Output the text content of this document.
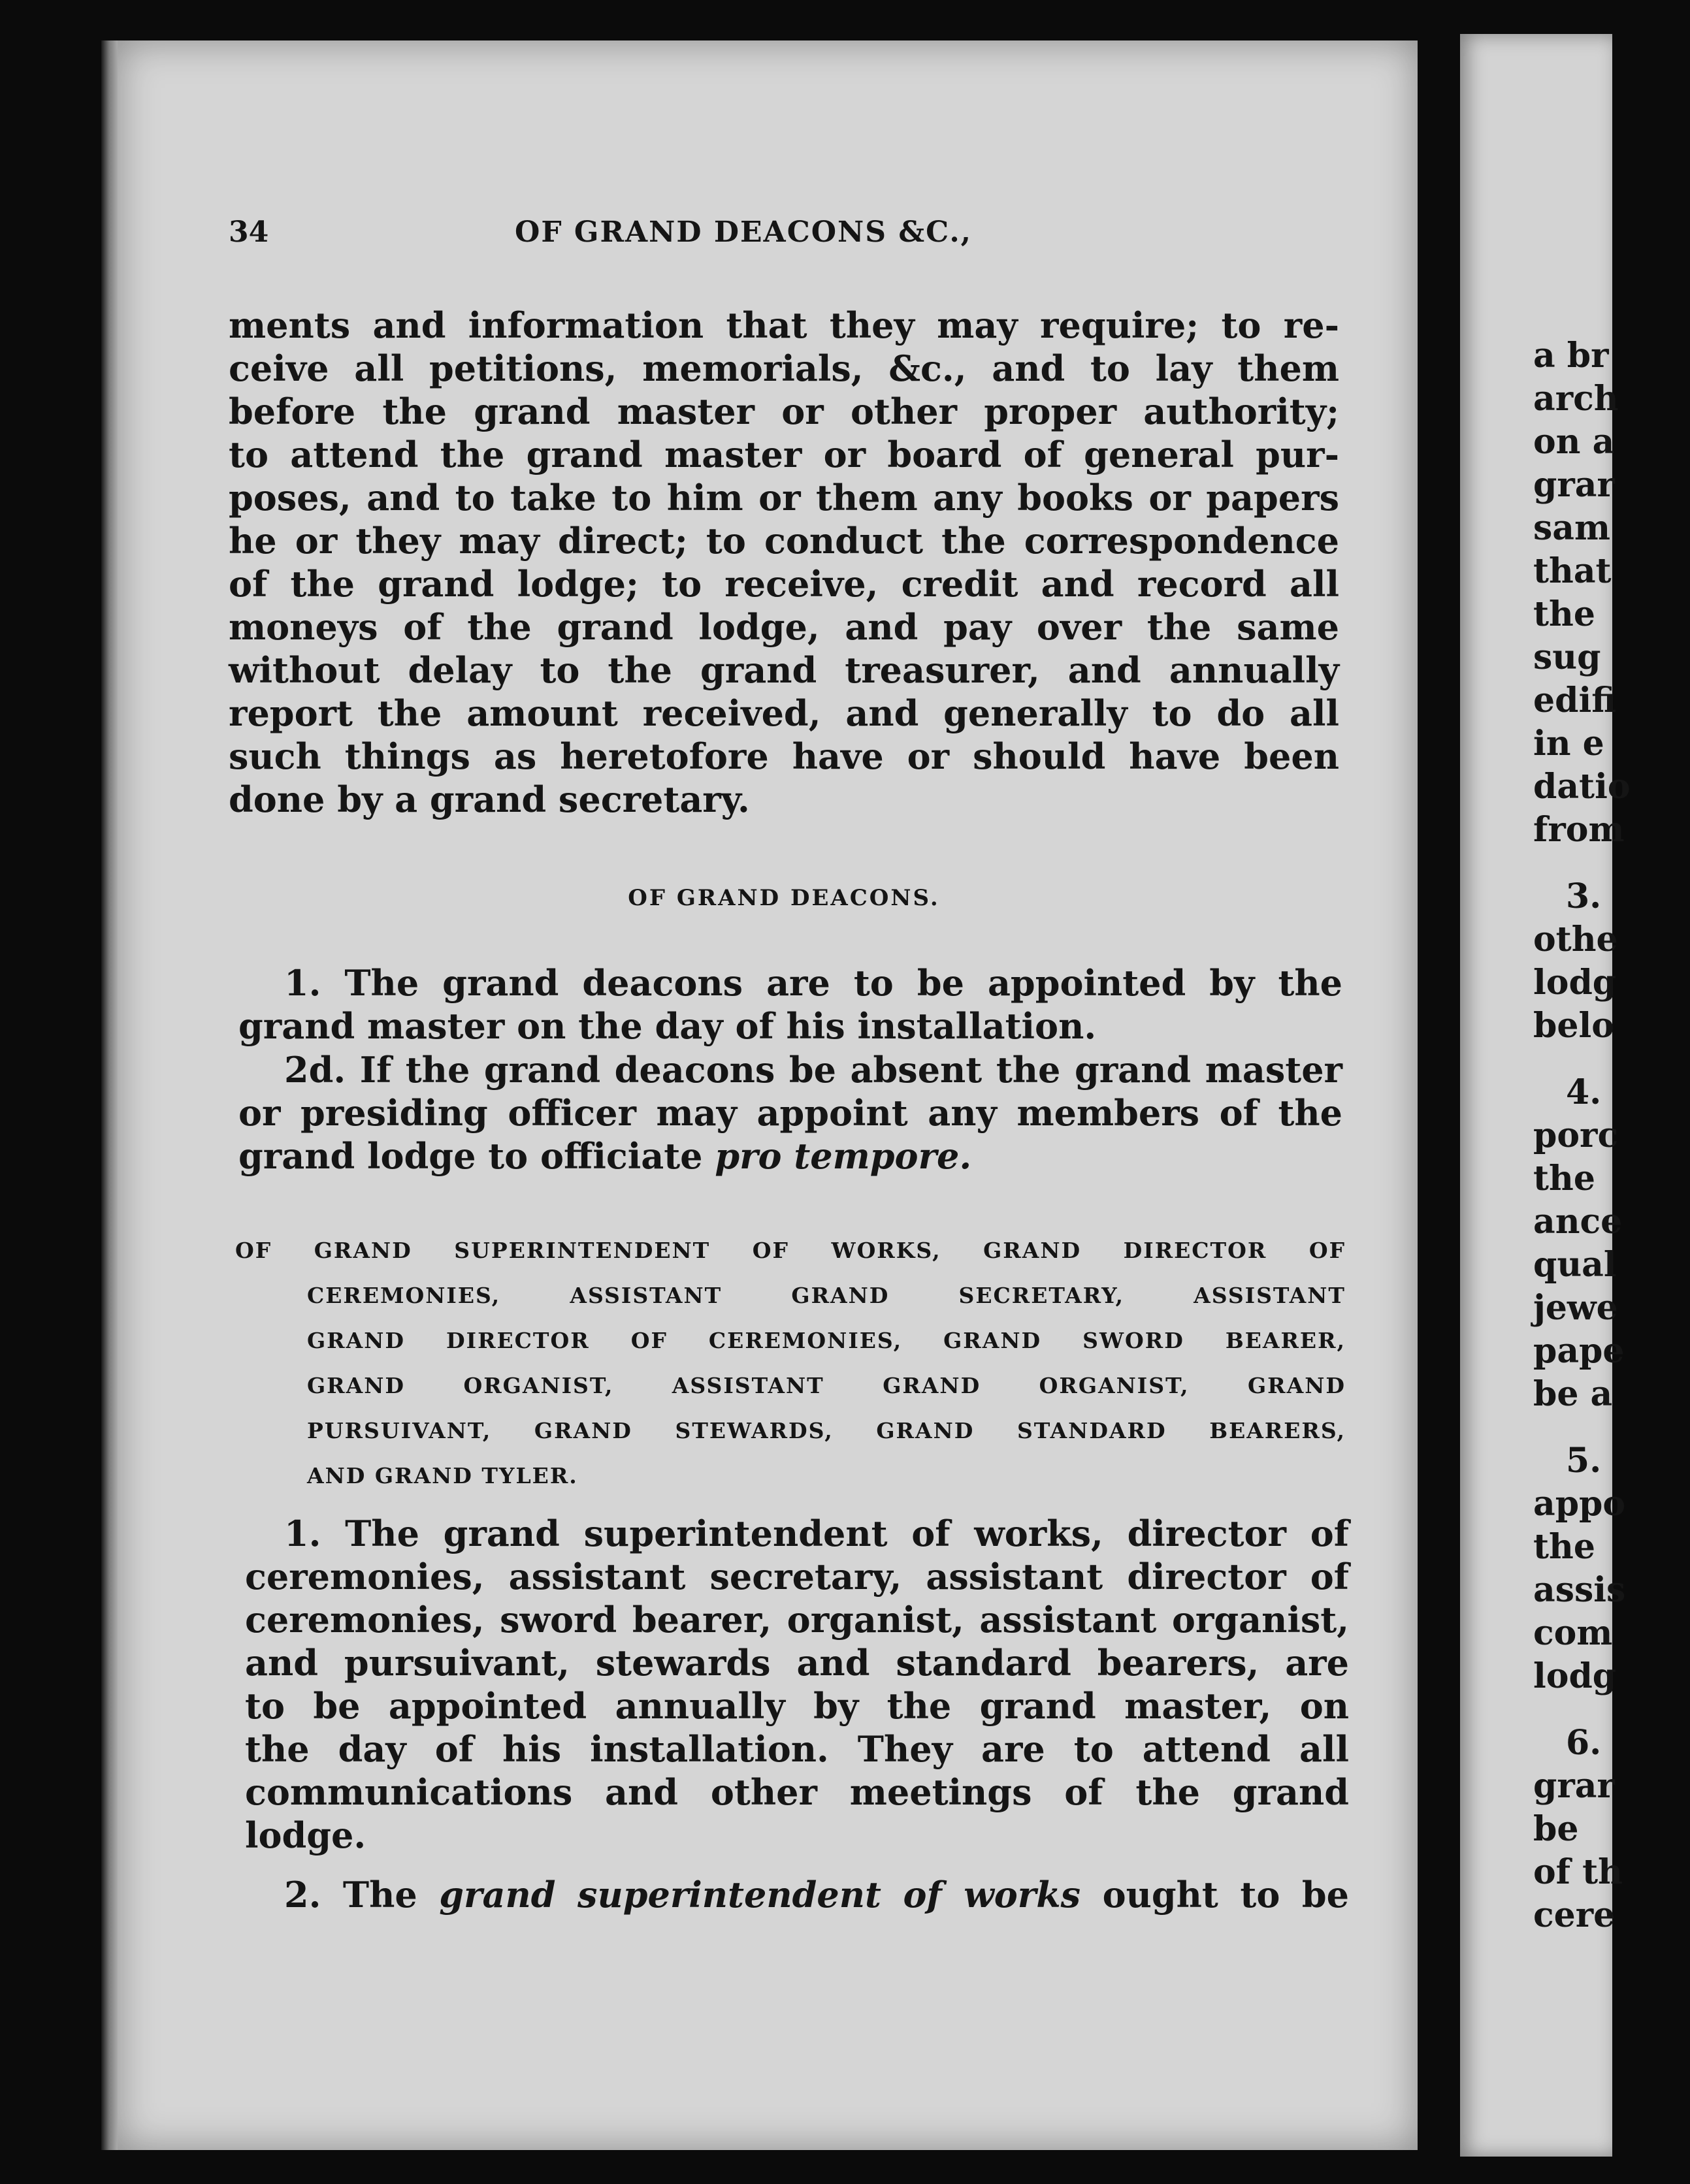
34	OF GRAND DEACONS &C.,
ments and information that they may require; to re-
ceive all petitions, memorials, &c., and to lay them
before the grand master or other proper authority;
to attend the grand master or board of general pur-
poses, and to take to him or them any books or papers
he or they may direct; to conduct the correspondence
of the grand lodge; to receive, credit and record all
moneys of the grand lodge, and pay over the same
without delay to the grand treasurer, and annually
report the amount received, and generally to do all
such things as heretofore have or should have been
done by a grand secretary.
OF GRAND DEACONS.
1. The grand deacons are to be appointed by the
grand master on the day of his installation.
2d. If the grand deacons be absent the grand master
or presiding officer may appoint any members of the
grand lodge to officiate pro tempore.
OF GRAND SUPERINTENDENT OF WORKS, GRAND DIRECTOR OF
CEREMONIES, ASSISTANT GRAND SECRETARY, ASSISTANT
GRAND DIRECTOR OF CEREMONIES, GRAND SWORD BEARER,
GRAND ORGANIST, ASSISTANT GRAND ORGANIST, GRAND
PURSUIVANT, GRAND STEWARDS, GRAND STANDARD BEARERS,
AND GRAND TYLER.
1. The grand superintendent of works, director of
ceremonies, assistant secretary, assistant director of
ceremonies, sword bearer, organist, assistant organist,
and pursuivant, stewards and standard bearers, are
to be appointed annually by the grand master, on
the day of his installation. They are to attend all
communications and other meetings of the grand
lodge.
2. The grand superintendent of works ought to be
a br
arch
on a
grar
sam
that
the
sug
edifi
in e
datio
from
3.
othe
lodg
belo
4.
porc
the
ance
qual
jewe
pape
be a
5.
appo
the
assis
com
lodg
6.
grar
be
of th
cere
